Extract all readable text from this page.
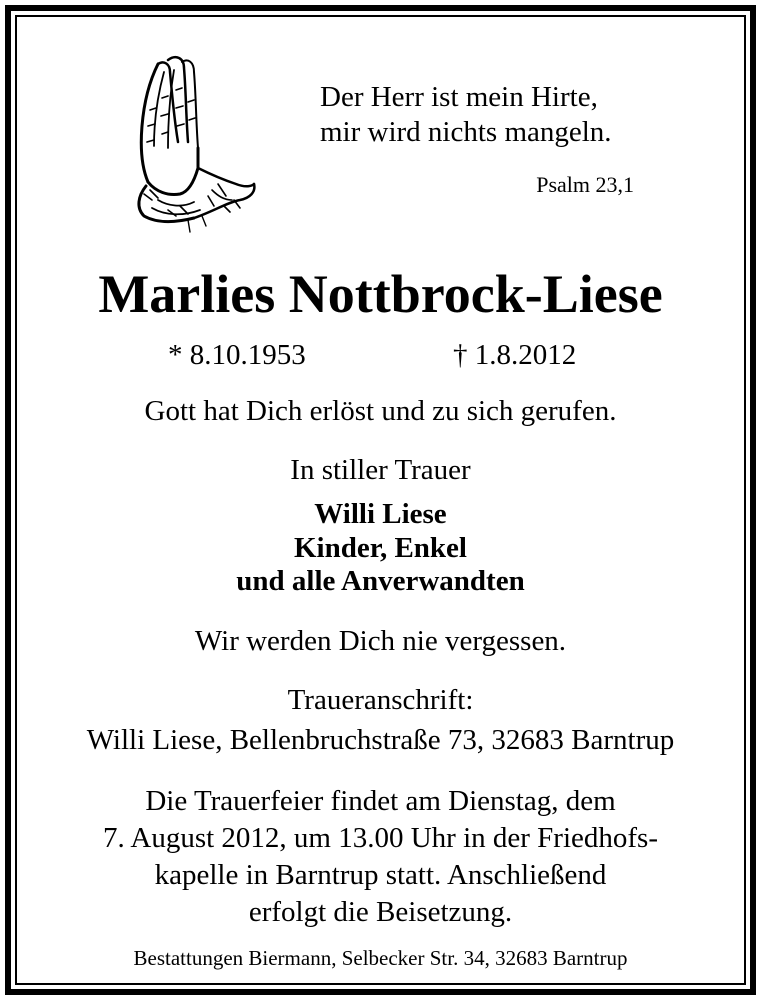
Der Herr ist mein Hirte,
mir wird nichts mangeln.
Psalm 23,1
Marlies Nottbrock-Liese
* 8.10.1953	† 1.8.2012
Gott hat Dich erlöst und zu sich gerufen.
In stiller Trauer
Willi Liese
Kinder, Enkel
und alle Anverwandten
Wir werden Dich nie vergessen.
Traueranschrift:
Willi Liese, Bellenbruchstraße 73, 32683 Barntrup
Die Trauerfeier findet am Dienstag, dem
7. August 2012, um 13.00 Uhr in der Friedhofs-
kapelle in Barntrup statt. Anschließend
erfolgt die Beisetzung.
Bestattungen Biermann, Selbecker Str. 34, 32683 Barntrup
